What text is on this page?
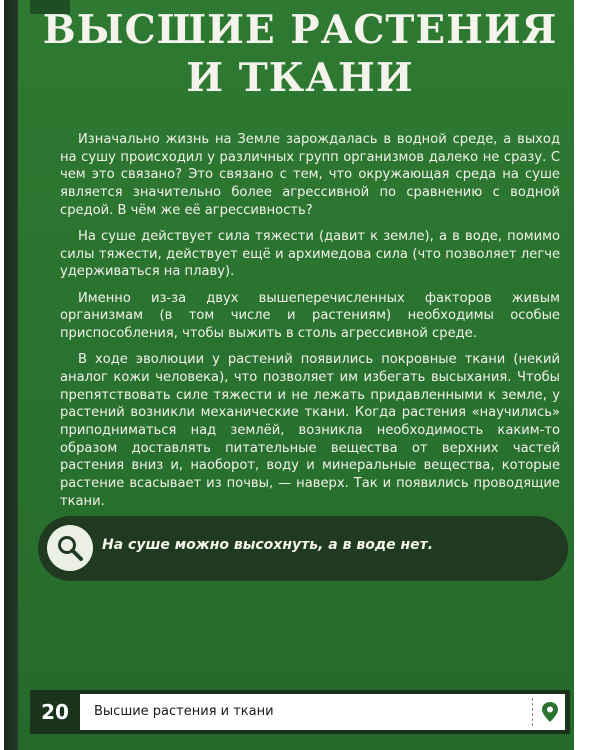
ВЫСШИЕ РАСТЕНИЯ
И ТКАНИ

Изначально жизнь на Земле зарождалась в водной среде, а выход на сушу происходил у различных групп организмов далеко не сразу. С чем это связано? Это связано с тем, что окружающая среда на суше является значительно более агрессивной по сравнению с водной средой. В чём же её агрессивность?

На суше действует сила тяжести (давит к земле), а в воде, помимо силы тяжести, действует ещё и архимедова сила (что позволяет легче удерживаться на плаву).

Именно из-за двух вышеперечисленных факторов живым организмам (в том числе и растениям) необходимы особые приспособления, чтобы выжить в столь агрессивной среде.

В ходе эволюции у растений появились покровные ткани (некий аналог кожи человека), что позволяет им избегать высыхания. Чтобы препятствовать силе тяжести и не лежать придавленными к земле, у растений возникли механические ткани. Когда растения «научились» приподниматься над землёй, возникла необходимость каким-то образом доставлять питательные вещества от верхних частей растения вниз и, наоборот, воду и минеральные вещества, которые растение всасывает из почвы, — наверх. Так и появились проводящие ткани.

На суше можно высохнуть, а в воде нет.
20	Высшие растения и ткани
